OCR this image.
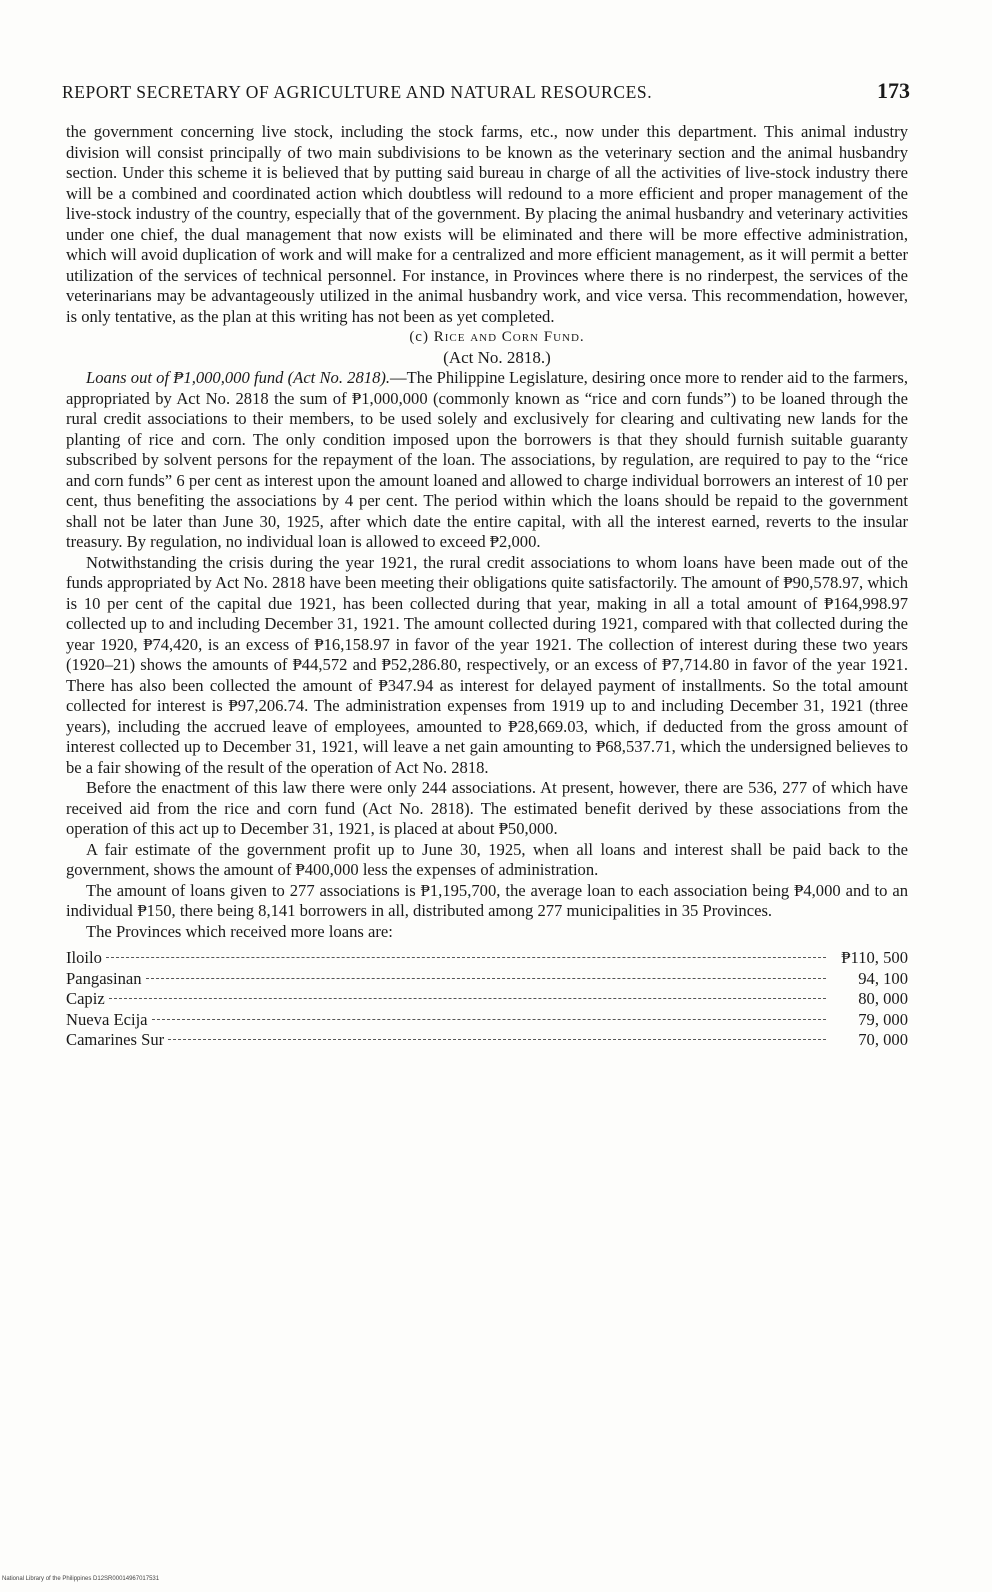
REPORT SECRETARY OF AGRICULTURE AND NATURAL RESOURCES.	173

the government concerning live stock, including the stock farms, etc., now under this department. This animal industry division will consist principally of two main subdivisions to be known as the veterinary section and the animal husbandry section. Under this scheme it is believed that by putting said bureau in charge of all the activities of live-stock industry there will be a combined and coordinated action which doubtless will redound to a more efficient and proper management of the live-stock industry of the country, especially that of the government. By placing the animal husbandry and veterinary activities under one chief, the dual management that now exists will be eliminated and there will be more effective administration, which will avoid duplication of work and will make for a centralized and more efficient management, as it will permit a better utilization of the services of technical personnel. For instance, in Provinces where there is no rinderpest, the services of the veterinarians may be advantageously utilized in the animal husbandry work, and vice versa. This recommendation, however, is only tentative, as the plan at this writing has not been as yet completed.

(c) Rice and Corn Fund.

(Act No. 2818.)

Loans out of ₱1,000,000 fund (Act No. 2818).—The Philippine Legislature, desiring once more to render aid to the farmers, appropriated by Act No. 2818 the sum of ₱1,000,000 (commonly known as “rice and corn funds”) to be loaned through the rural credit associations to their members, to be used solely and exclusively for clearing and cultivating new lands for the planting of rice and corn. The only condition imposed upon the borrowers is that they should furnish suitable guaranty subscribed by solvent persons for the repayment of the loan. The associations, by regulation, are required to pay to the “rice and corn funds” 6 per cent as interest upon the amount loaned and allowed to charge individual borrowers an interest of 10 per cent, thus benefiting the associations by 4 per cent. The period within which the loans should be repaid to the government shall not be later than June 30, 1925, after which date the entire capital, with all the interest earned, reverts to the insular treasury. By regulation, no individual loan is allowed to exceed ₱2,000.

Notwithstanding the crisis during the year 1921, the rural credit associations to whom loans have been made out of the funds appropriated by Act No. 2818 have been meeting their obligations quite satisfactorily. The amount of ₱90,578.97, which is 10 per cent of the capital due 1921, has been collected during that year, making in all a total amount of ₱164,998.97 collected up to and including December 31, 1921. The amount collected during 1921, compared with that collected during the year 1920, ₱74,420, is an excess of ₱16,158.97 in favor of the year 1921. The collection of interest during these two years (1920–21) shows the amounts of ₱44,572 and ₱52,286.80, respectively, or an excess of ₱7,714.80 in favor of the year 1921. There has also been collected the amount of ₱347.94 as interest for delayed payment of installments. So the total amount collected for interest is ₱97,206.74. The administration expenses from 1919 up to and including December 31, 1921 (three years), including the accrued leave of employees, amounted to ₱28,669.03, which, if deducted from the gross amount of interest collected up to December 31, 1921, will leave a net gain amounting to ₱68,537.71, which the undersigned believes to be a fair showing of the result of the operation of Act No. 2818.

Before the enactment of this law there were only 244 associations. At present, however, there are 536, 277 of which have received aid from the rice and corn fund (Act No. 2818). The estimated benefit derived by these associations from the operation of this act up to December 31, 1921, is placed at about ₱50,000.

A fair estimate of the government profit up to June 30, 1925, when all loans and interest shall be paid back to the government, shows the amount of ₱400,000 less the expenses of administration.

The amount of loans given to 277 associations is ₱1,195,700, the average loan to each association being ₱4,000 and to an individual ₱150, there being 8,141 borrowers in all, distributed among 277 municipalities in 35 Provinces.

The Provinces which received more loans are:

Iloilo	₱110, 500
Pangasinan	94, 100
Capiz	80, 000
Nueva Ecija	79, 000
Camarines Sur	70, 000
National Library of the Philippines D12SR00014967017531
